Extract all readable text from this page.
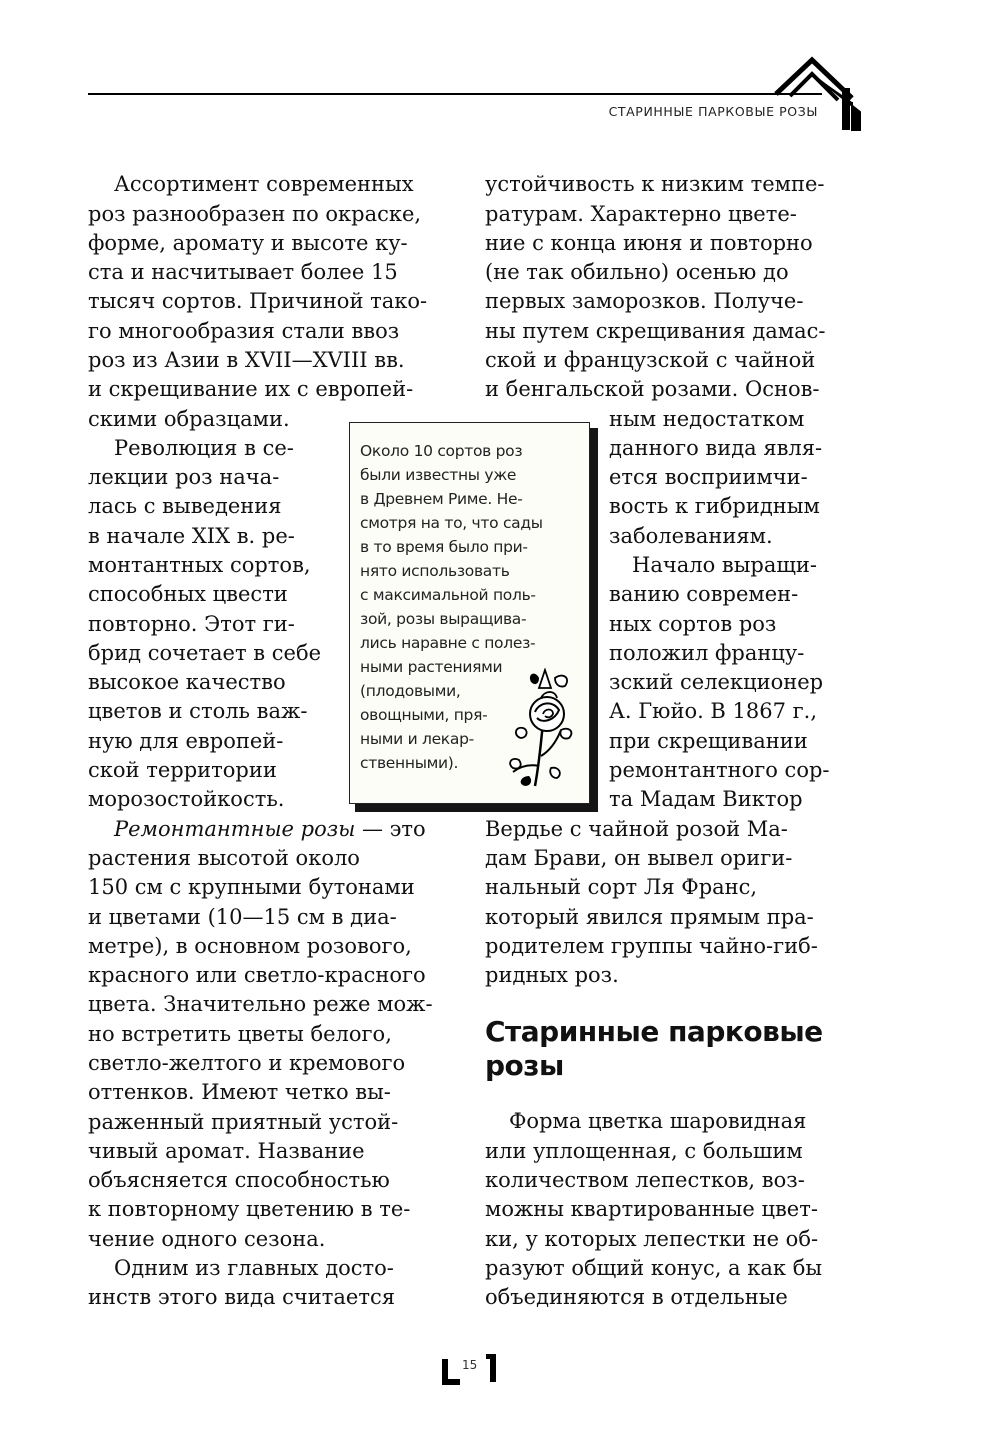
СТАРИННЫЕ ПАРКОВЫЕ РОЗЫ
Ассортимент современных
роз разнообразен по окраске,
форме, аромату и высоте ку-
ста и насчитывает более 15
тысяч сортов. Причиной тако-
го многообразия стали ввоз
роз из Азии в XVII—XVIII вв.
и скрещивание их с европей-
скими образцами.
Революция в се-
лекции роз нача-
лась с выведения
в начале XIX в. ре-
монтантных сортов,
способных цвести
повторно. Этот ги-
брид сочетает в себе
высокое качество
цветов и столь важ-
ную для европей-
ской территории
морозостойкость.
Ремонтантные розы — это
растения высотой около
150 см с крупными бутонами
и цветами (10—15 см в диа-
метре), в основном розового,
красного или светло-красного
цвета. Значительно реже мож-
но встретить цветы белого,
светло-желтого и кремового
оттенков. Имеют четко вы-
раженный приятный устой-
чивый аромат. Название
объясняется способностью
к повторному цветению в те-
чение одного сезона.
Одним из главных досто-
инств этого вида считается
устойчивость к низким темпе-
ратурам. Характерно цвете-
ние с конца июня и повторно
(не так обильно) осенью до
первых заморозков. Получе-
ны путем скрещивания дамас-
ской и французской с чайной
и бенгальской розами. Основ-
ным недостатком
данного вида явля-
ется восприимчи-
вость к гибридным
заболеваниям.
Начало выращи-
ванию современ-
ных сортов роз
положил францу-
зский селекционер
А. Гюйо. В 1867 г.,
при скрещивании
ремонтантного сор-
та Мадам Виктор
Вердье с чайной розой Ма-
дам Брави, он вывел ориги-
нальный сорт Ля Франс,
который явился прямым пра-
родителем группы чайно-гиб-
ридных роз.
Старинные парковые
розы
Форма цветка шаровидная
или уплощенная, с большим
количеством лепестков, воз-
можны квартированные цвет-
ки, у которых лепестки не об-
разуют общий конус, а как бы
объединяются в отдельные
Около 10 сортов роз
были известны уже
в Древнем Риме. Не-
смотря на то, что сады
в то время было при-
нято использовать
с максимальной поль-
зой, розы выращива-
лись наравне с полез-
ными растениями
(плодовыми,
овощными, пря-
ными и лекар-
ственными).
15
